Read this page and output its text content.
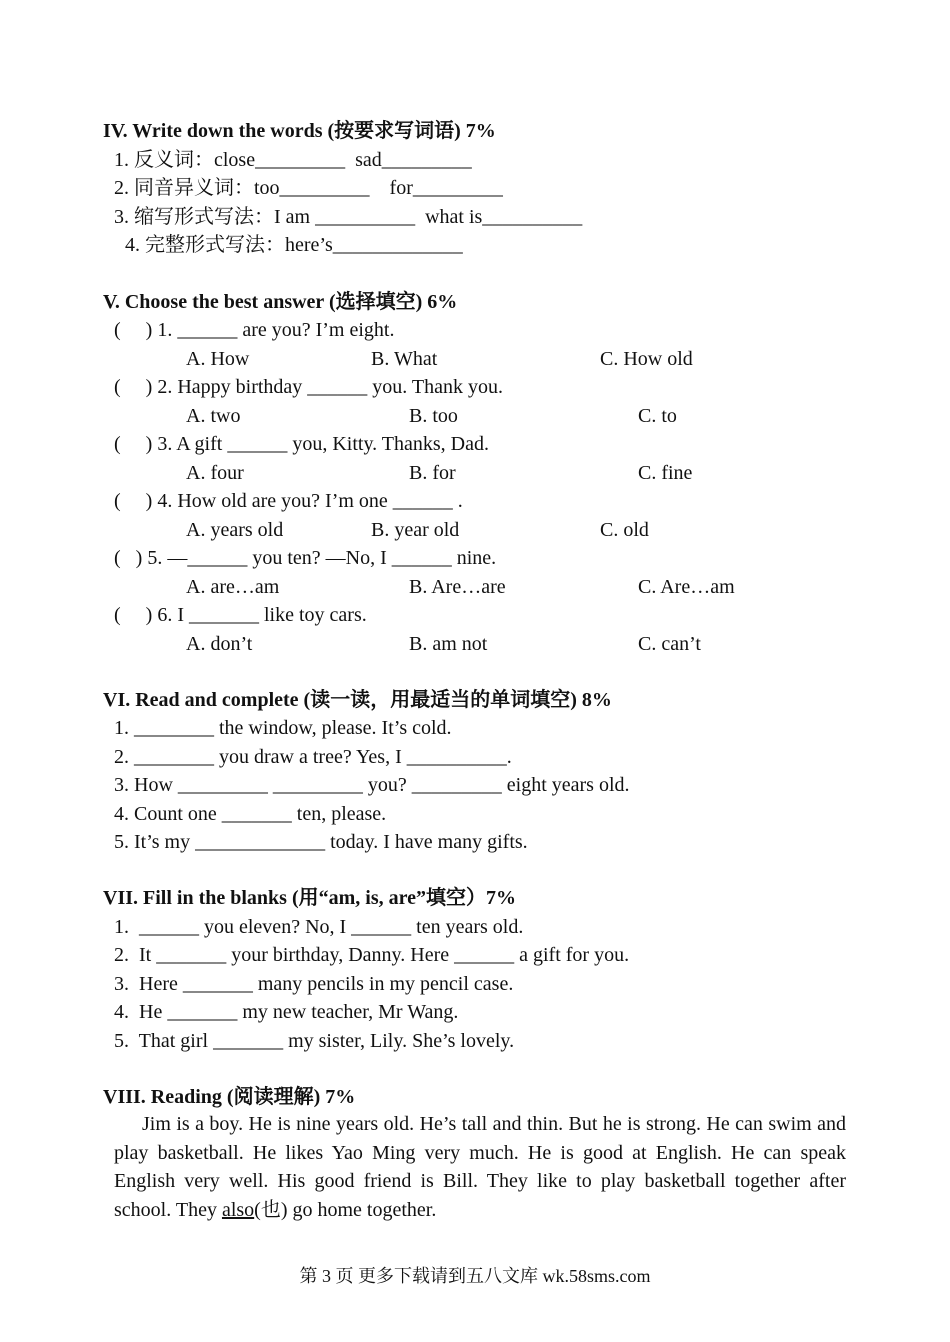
IV. Write down the words (按要求写词语) 7%
1. 反义词：close_________  sad_________
2. 同音异义词：too_________    for_________
3. 缩写形式写法：I am __________  what is__________
4. 完整形式写法：here’s_____________
V. Choose the best answer (选择填空) 6%
(     ) 1. ______ are you? I’m eight.
A. How	B. What	C. How old
(     ) 2. Happy birthday ______ you. Thank you.
A. two	B. too	C. to
(     ) 3. A gift ______ you, Kitty. Thanks, Dad.
A. four	B. for	C. fine
(     ) 4. How old are you? I’m one ______ .
A. years old	B. year old	C. old
(   ) 5. —______ you ten? —No, I ______ nine.
A. are…am	B. Are…are	C. Are…am
(     ) 6. I _______ like toy cars.
A. don’t	B. am not	C. can’t
VI. Read and complete (读一读，用最适当的单词填空) 8%
1. ________ the window, please. It’s cold.
2. ________ you draw a tree? Yes, I __________.
3. How _________ _________ you? _________ eight years old.
4. Count one _______ ten, please.
5. It’s my _____________ today. I have many gifts.
VII. Fill in the blanks (用“am, is, are”填空）7%
1.  ______ you eleven? No, I ______ ten years old.
2.  It _______ your birthday, Danny. Here ______ a gift for you.
3.  Here _______ many pencils in my pencil case.
4.  He _______ my new teacher, Mr Wang.
5.  That girl _______ my sister, Lily. She’s lovely.
VIII. Reading (阅读理解) 7%
Jim is a boy. He is nine years old. He’s tall and thin. But he is strong. He can swim and play basketball. He likes Yao Ming very much. He is good at English. He can speak English very well. His good friend is Bill. They like to play basketball together after school. They also(也) go home together.
第 3 页 更多下载请到五八文库 wk.58sms.com
